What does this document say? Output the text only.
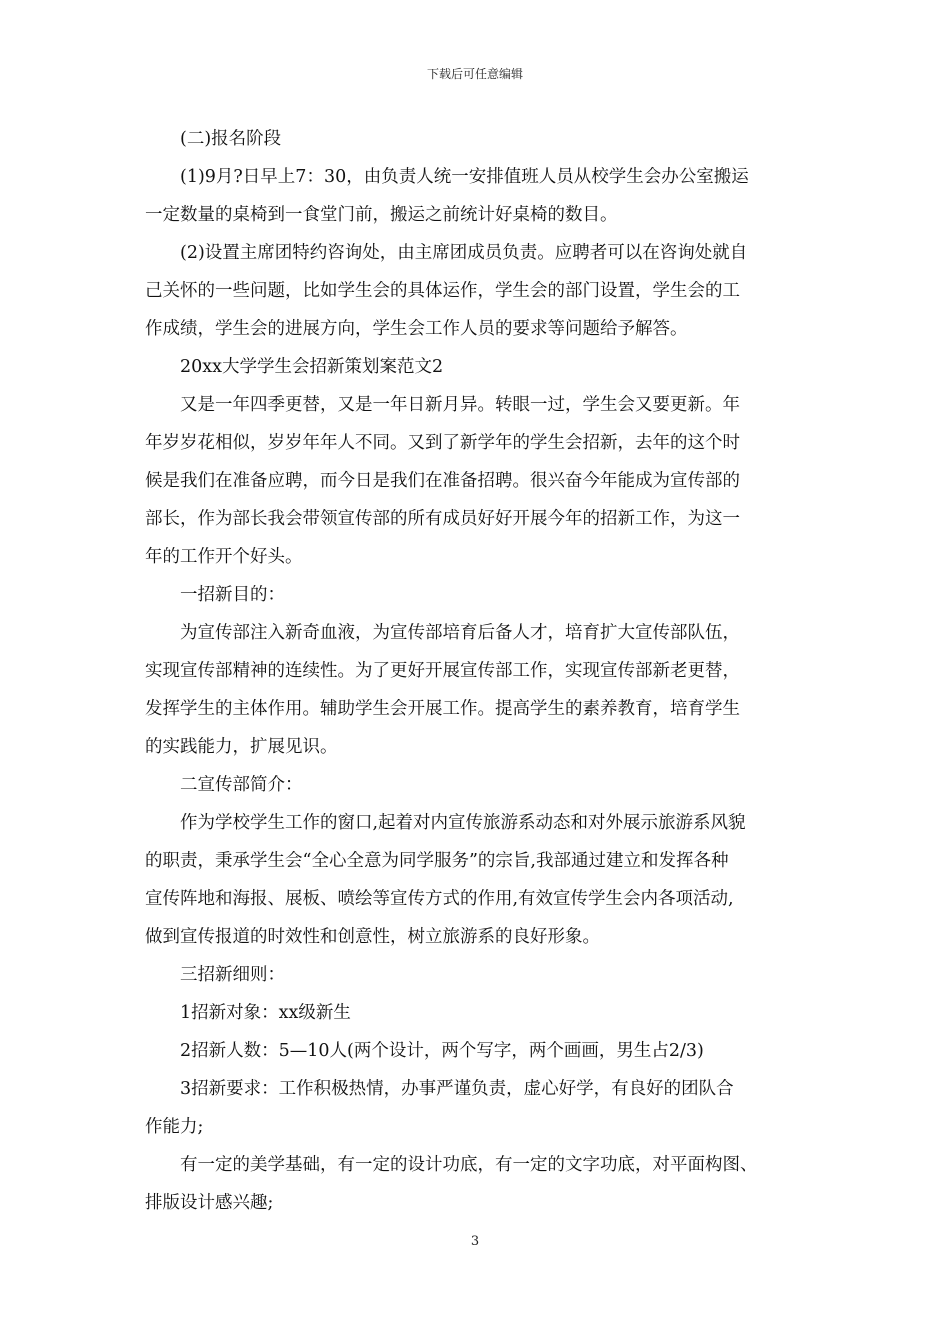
下载后可任意编辑
(二)报名阶段
(1)9月?日早上7：30，由负责人统一安排值班人员从校学生会办公室搬运
一定数量的桌椅到一食堂门前，搬运之前统计好桌椅的数目。
(2)设置主席团特约咨询处，由主席团成员负责。应聘者可以在咨询处就自
己关怀的一些问题，比如学生会的具体运作，学生会的部门设置，学生会的工
作成绩，学生会的进展方向，学生会工作人员的要求等问题给予解答。
20xx大学学生会招新策划案范文2
又是一年四季更替，又是一年日新月异。转眼一过，学生会又要更新。年
年岁岁花相似，岁岁年年人不同。又到了新学年的学生会招新，去年的这个时
候是我们在准备应聘，而今日是我们在准备招聘。很兴奋今年能成为宣传部的
部长，作为部长我会带领宣传部的所有成员好好开展今年的招新工作，为这一
年的工作开个好头。
一招新目的：
为宣传部注入新奇血液，为宣传部培育后备人才，培育扩大宣传部队伍，
实现宣传部精神的连续性。为了更好开展宣传部工作，实现宣传部新老更替，
发挥学生的主体作用。辅助学生会开展工作。提高学生的素养教育，培育学生
的实践能力，扩展见识。
二宣传部简介：
作为学校学生工作的窗口,起着对内宣传旅游系动态和对外展示旅游系风貌
的职责，秉承学生会“全心全意为同学服务”的宗旨,我部通过建立和发挥各种
宣传阵地和海报、展板、喷绘等宣传方式的作用,有效宣传学生会内各项活动,
做到宣传报道的时效性和创意性，树立旅游系的良好形象。
三招新细则：
1招新对象：xx级新生
2招新人数：5—10人(两个设计，两个写字，两个画画，男生占2/3)
3招新要求：工作积极热情，办事严谨负责，虚心好学，有良好的团队合
作能力;
有一定的美学基础，有一定的设计功底，有一定的文字功底，对平面构图、
排版设计感兴趣;
3
